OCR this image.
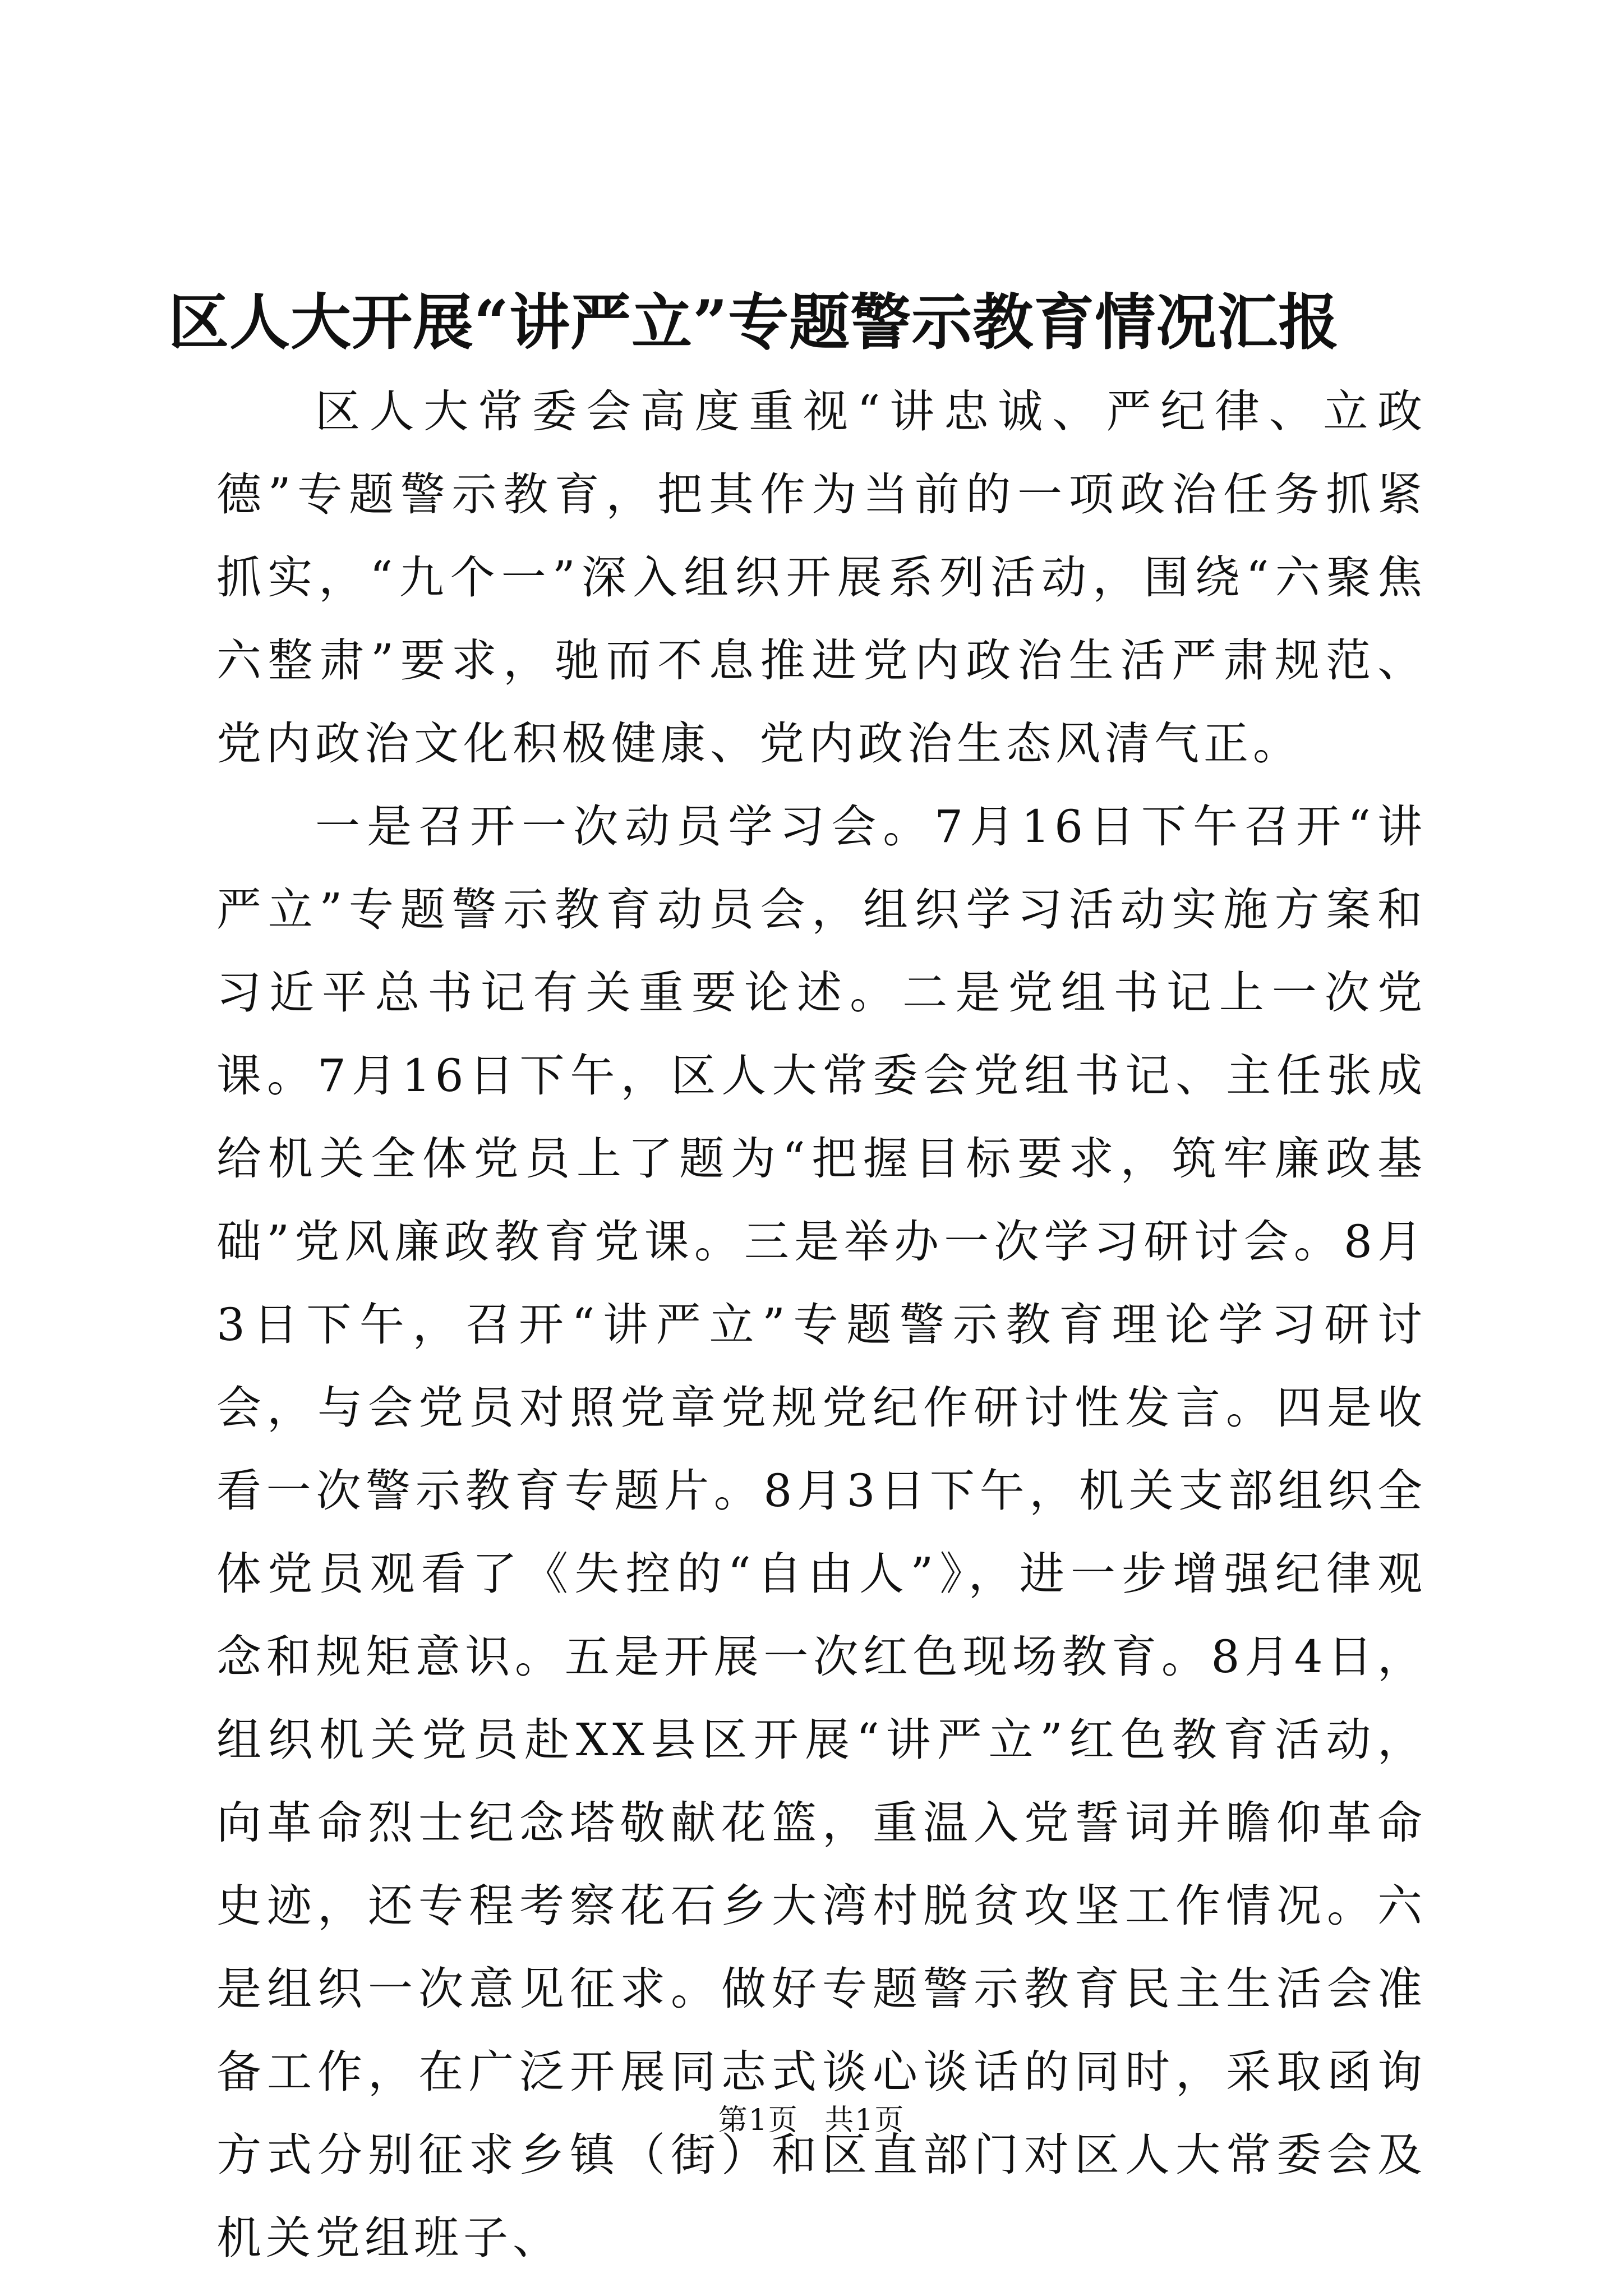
区人大开展“讲严立”专题警示教育情况汇报

区人大常委会高度重视“讲忠诚、严纪律、立政德”专题警示教育，把其作为当前的一项政治任务抓紧抓实，“九个一”深入组织开展系列活动，围绕“六聚焦六整肃”要求，驰而不息推进党内政治生活严肃规范、党内政治文化积极健康、党内政治生态风清气正。

一是召开一次动员学习会。7月16日下午召开“讲严立”专题警示教育动员会，组织学习活动实施方案和习近平总书记有关重要论述。二是党组书记上一次党课。7月16日下午，区人大常委会党组书记、主任张成给机关全体党员上了题为“把握目标要求，筑牢廉政基础”党风廉政教育党课。三是举办一次学习研讨会。8月3日下午，召开“讲严立”专题警示教育理论学习研讨会，与会党员对照党章党规党纪作研讨性发言。四是收看一次警示教育专题片。8月3日下午，机关支部组织全体党员观看了《失控的“自由人”》，进一步增强纪律观念和规矩意识。五是开展一次红色现场教育。8月4日，组织机关党员赴XX县区开展“讲严立”红色教育活动，向革命烈士纪念塔敬献花篮，重温入党誓词并瞻仰革命史迹，还专程考察花石乡大湾村脱贫攻坚工作情况。六是组织一次意见征求。做好专题警示教育民主生活会准备工作，在广泛开展同志式谈心谈话的同时，采取函询方式分别征求乡镇（街）和区直部门对区人大常委会及机关党组班子、

第1页 共1页
